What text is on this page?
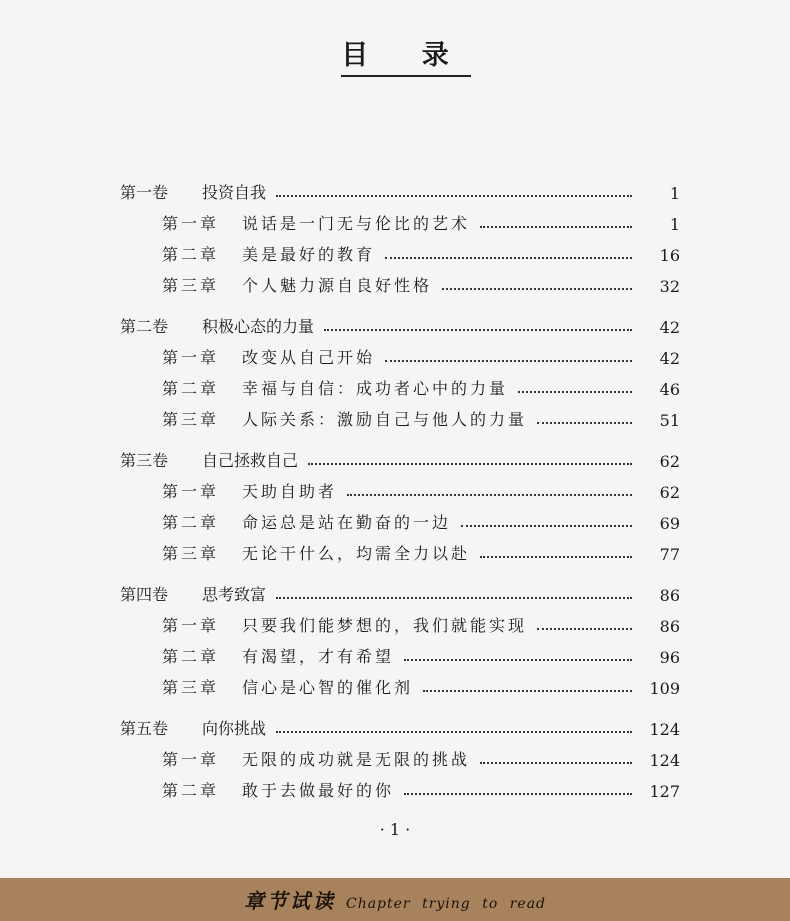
目 录
第一卷	投资自我	1
第一章	说话是一门无与伦比的艺术	1
第二章	美是最好的教育	16
第三章	个人魅力源自良好性格	32
第二卷	积极心态的力量	42
第一章	改变从自己开始	42
第二章	幸福与自信：成功者心中的力量	46
第三章	人际关系：激励自己与他人的力量	51
第三卷	自己拯救自己	62
第一章	天助自助者	62
第二章	命运总是站在勤奋的一边	69
第三章	无论干什么，均需全力以赴	77
第四卷	思考致富	86
第一章	只要我们能梦想的，我们就能实现	86
第二章	有渴望，才有希望	96
第三章	信心是心智的催化剂	109
第五卷	向你挑战	124
第一章	无限的成功就是无限的挑战	124
第二章	敢于去做最好的你	127
· 1 ·
章节试读 Chapter trying to read
